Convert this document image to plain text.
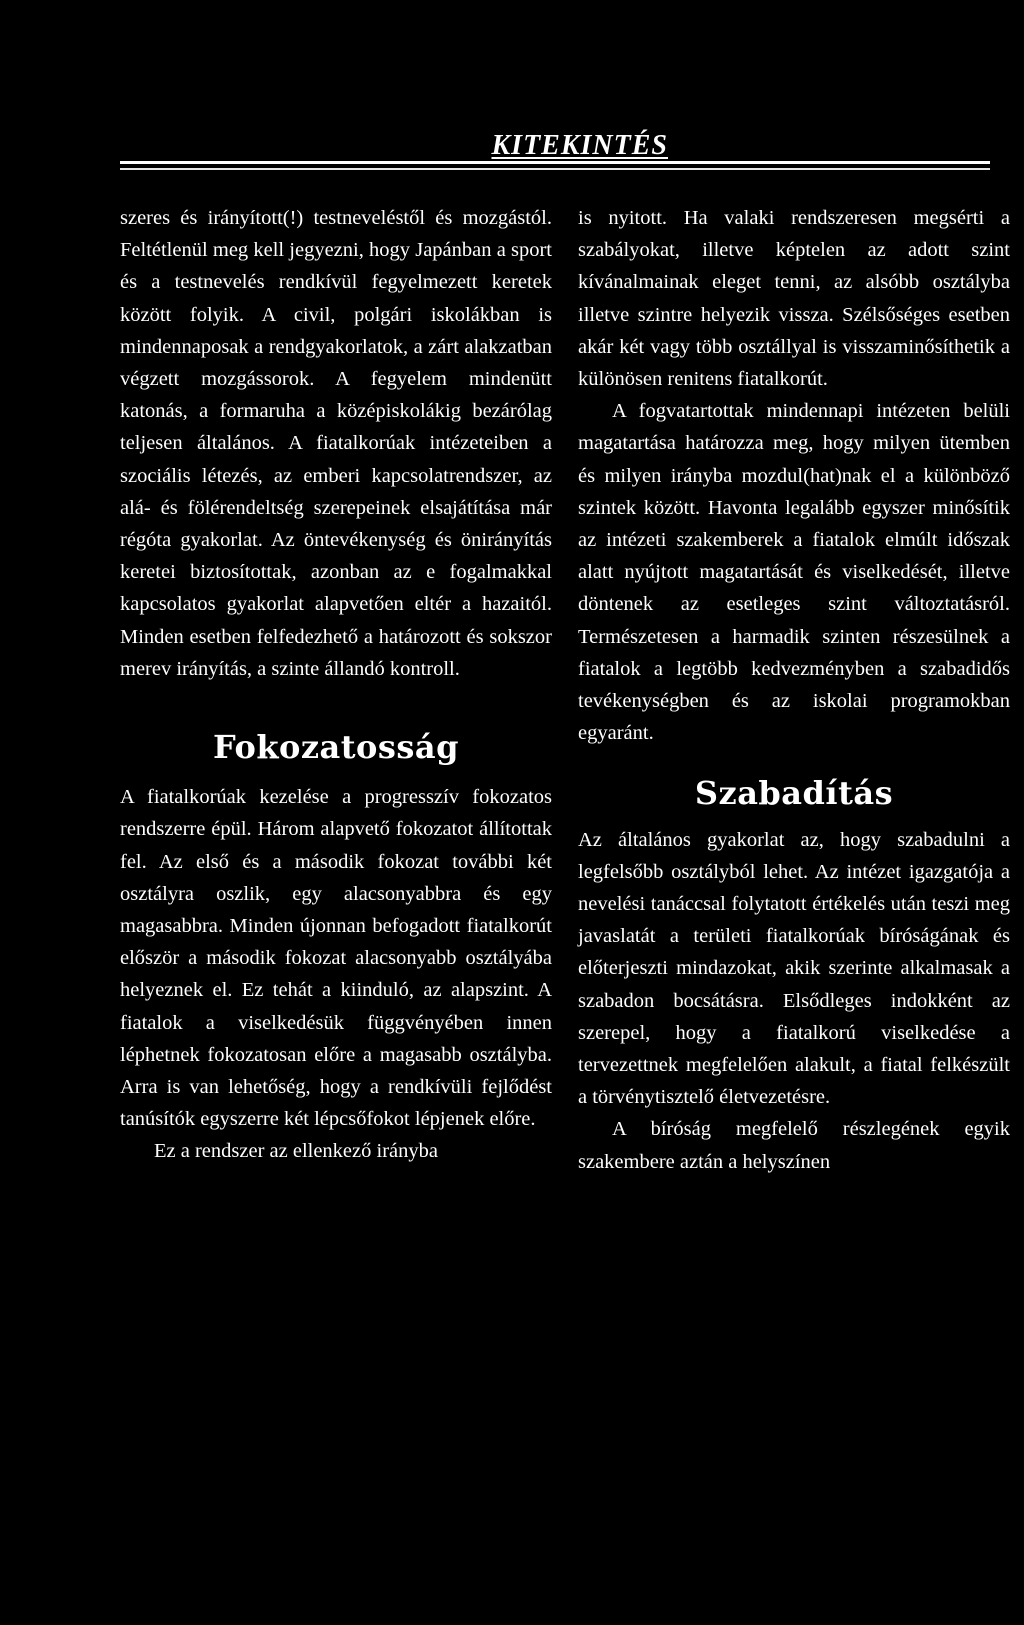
KITEKINTÉS

szeres és irányított(!) testneveléstől és mozgástól. Feltétlenül meg kell jegyezni, hogy Japánban a sport és a testnevelés rendkívül fegyelmezett keretek között folyik. A civil, polgári iskolákban is mindennaposak a rendgyakorlatok, a zárt alakzatban végzett mozgássorok. A fegyelem mindenütt katonás, a formaruha a középiskolákig bezárólag teljesen általános. A fiatalkorúak intézeteiben a szociális létezés, az emberi kapcsolatrendszer, az alá- és fölérendeltség szerepeinek elsajátítása már régóta gyakorlat. Az öntevékenység és önirányítás keretei biztosítottak, azonban az e fogalmakkal kapcsolatos gyakorlat alapvetően eltér a hazaitól. Minden esetben felfedezhető a határozott és sokszor merev irányítás, a szinte állandó kontroll.

Fokozatosság

A fiatalkorúak kezelése a progresszív fokozatos rendszerre épül. Három alapvető fokozatot állítottak fel. Az első és a második fokozat további két osztályra oszlik, egy alacsonyabbra és egy magasabbra. Minden újonnan befogadott fiatalkorút először a második fokozat alacsonyabb osztályába helyeznek el. Ez tehát a kiinduló, az alapszint. A fiatalok a viselkedésük függvényében innen léphetnek fokozatosan előre a magasabb osztályba. Arra is van lehetőség, hogy a rendkívüli fejlődést tanúsítók egyszerre két lépcsőfokot lépjenek előre.

Ez a rendszer az ellenkező irányba

is nyitott. Ha valaki rendszeresen megsérti a szabályokat, illetve képtelen az adott szint kívánalmainak eleget tenni, az alsóbb osztályba illetve szintre helyezik vissza. Szélsőséges esetben akár két vagy több osztállyal is visszaminősíthetik a különösen renitens fiatalkorút.

A fogvatartottak mindennapi intézeten belüli magatartása határozza meg, hogy milyen ütemben és milyen irányba mozdul(hat)nak el a különböző szintek között. Havonta legalább egyszer minősítik az intézeti szakemberek a fiatalok elmúlt időszak alatt nyújtott magatartását és viselkedését, illetve döntenek az esetleges szint változtatásról. Természetesen a harmadik szinten részesülnek a fiatalok a legtöbb kedvezményben a szabadidős tevékenységben és az iskolai programokban egyaránt.

Szabadítás

Az általános gyakorlat az, hogy szabadulni a legfelsőbb osztályból lehet. Az intézet igazgatója a nevelési tanáccsal folytatott értékelés után teszi meg javaslatát a területi fiatalkorúak bíróságának és előterjeszti mindazokat, akik szerinte alkalmasak a szabadon bocsátásra. Elsődleges indokként az szerepel, hogy a fiatalkorú viselkedése a tervezettnek megfelelően alakult, a fiatal felkészült a törvénytisztelő életvezetésre.

A bíróság megfelelő részlegének egyik szakembere aztán a helyszínen
